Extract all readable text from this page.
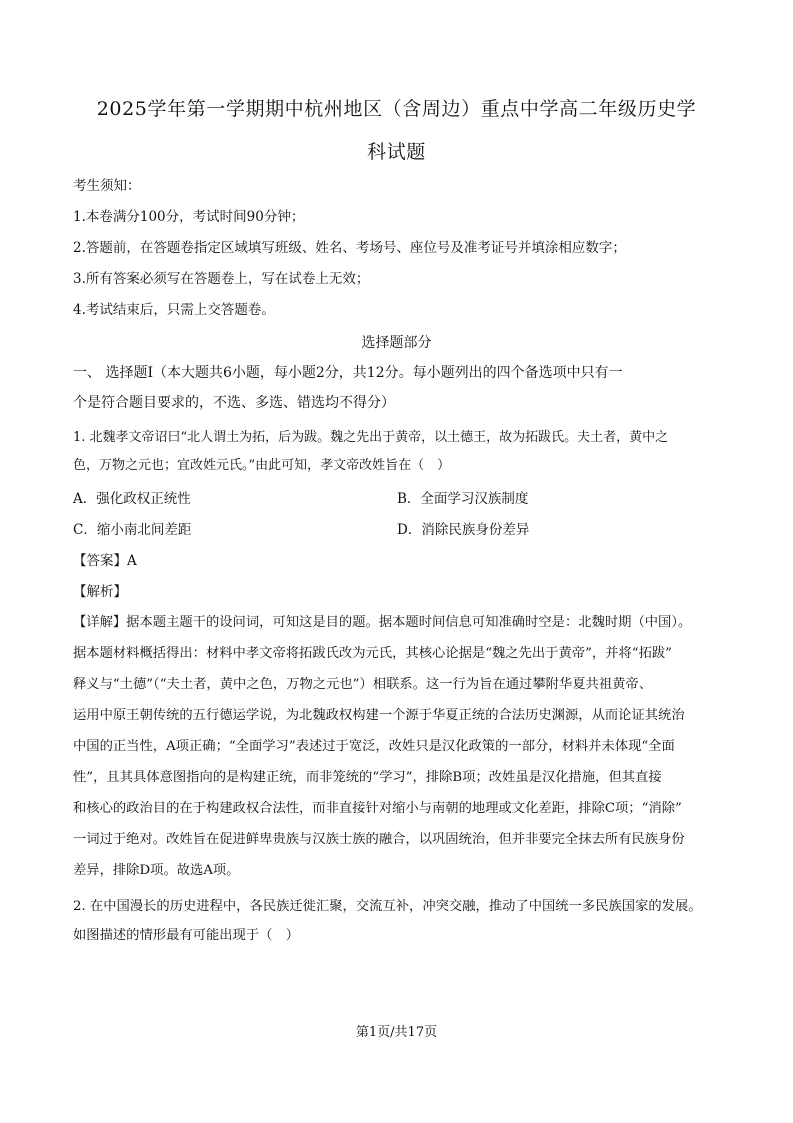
2025学年第一学期期中杭州地区（含周边）重点中学高二年级历史学
科试题
考生须知：
1.本卷满分100分，考试时间90分钟；
2.答题前，在答题卷指定区域填写班级、姓名、考场号、座位号及准考证号并填涂相应数字；
3.所有答案必须写在答题卷上，写在试卷上无效；
4.考试结束后，只需上交答题卷。
选择题部分
一、 选择题Ⅰ（本大题共6小题，每小题2分，共12分。每小题列出的四个备选项中只有一
个是符合题目要求的，不选、多选、错选均不得分）
1. 北魏孝文帝诏曰“北人谓土为拓，后为跋。魏之先出于黄帝，以土德王，故为拓跋氏。夫土者，黄中之
色，万物之元也；宜改姓元氏。”由此可知，孝文帝改姓旨在（　）
A．强化政权正统性	B．全面学习汉族制度
C．缩小南北间差距	D．消除民族身份差异
【答案】A
【解析】
【详解】据本题主题干的设问词，可知这是目的题。据本题时间信息可知准确时空是：北魏时期（中国）。
据本题材料概括得出：材料中孝文帝将拓跋氏改为元氏，其核心论据是“魏之先出于黄帝”，并将“拓跋”
释义与“土德”（“夫土者，黄中之色，万物之元也”）相联系。这一行为旨在通过攀附华夏共祖黄帝、
运用中原王朝传统的五行德运学说，为北魏政权构建一个源于华夏正统的合法历史渊源，从而论证其统治
中国的正当性，A项正确；“全面学习”表述过于宽泛，改姓只是汉化政策的一部分，材料并未体现“全面
性”，且其具体意图指向的是构建正统，而非笼统的“学习”，排除B项；改姓虽是汉化措施，但其直接
和核心的政治目的在于构建政权合法性，而非直接针对缩小与南朝的地理或文化差距，排除C项；“消除”
一词过于绝对。改姓旨在促进鲜卑贵族与汉族士族的融合，以巩固统治，但并非要完全抹去所有民族身份
差异，排除D项。故选A项。
2. 在中国漫长的历史进程中，各民族迁徙汇聚，交流互补，冲突交融，推动了中国统一多民族国家的发展。
如图描述的情形最有可能出现于（　）
第1页/共17页
